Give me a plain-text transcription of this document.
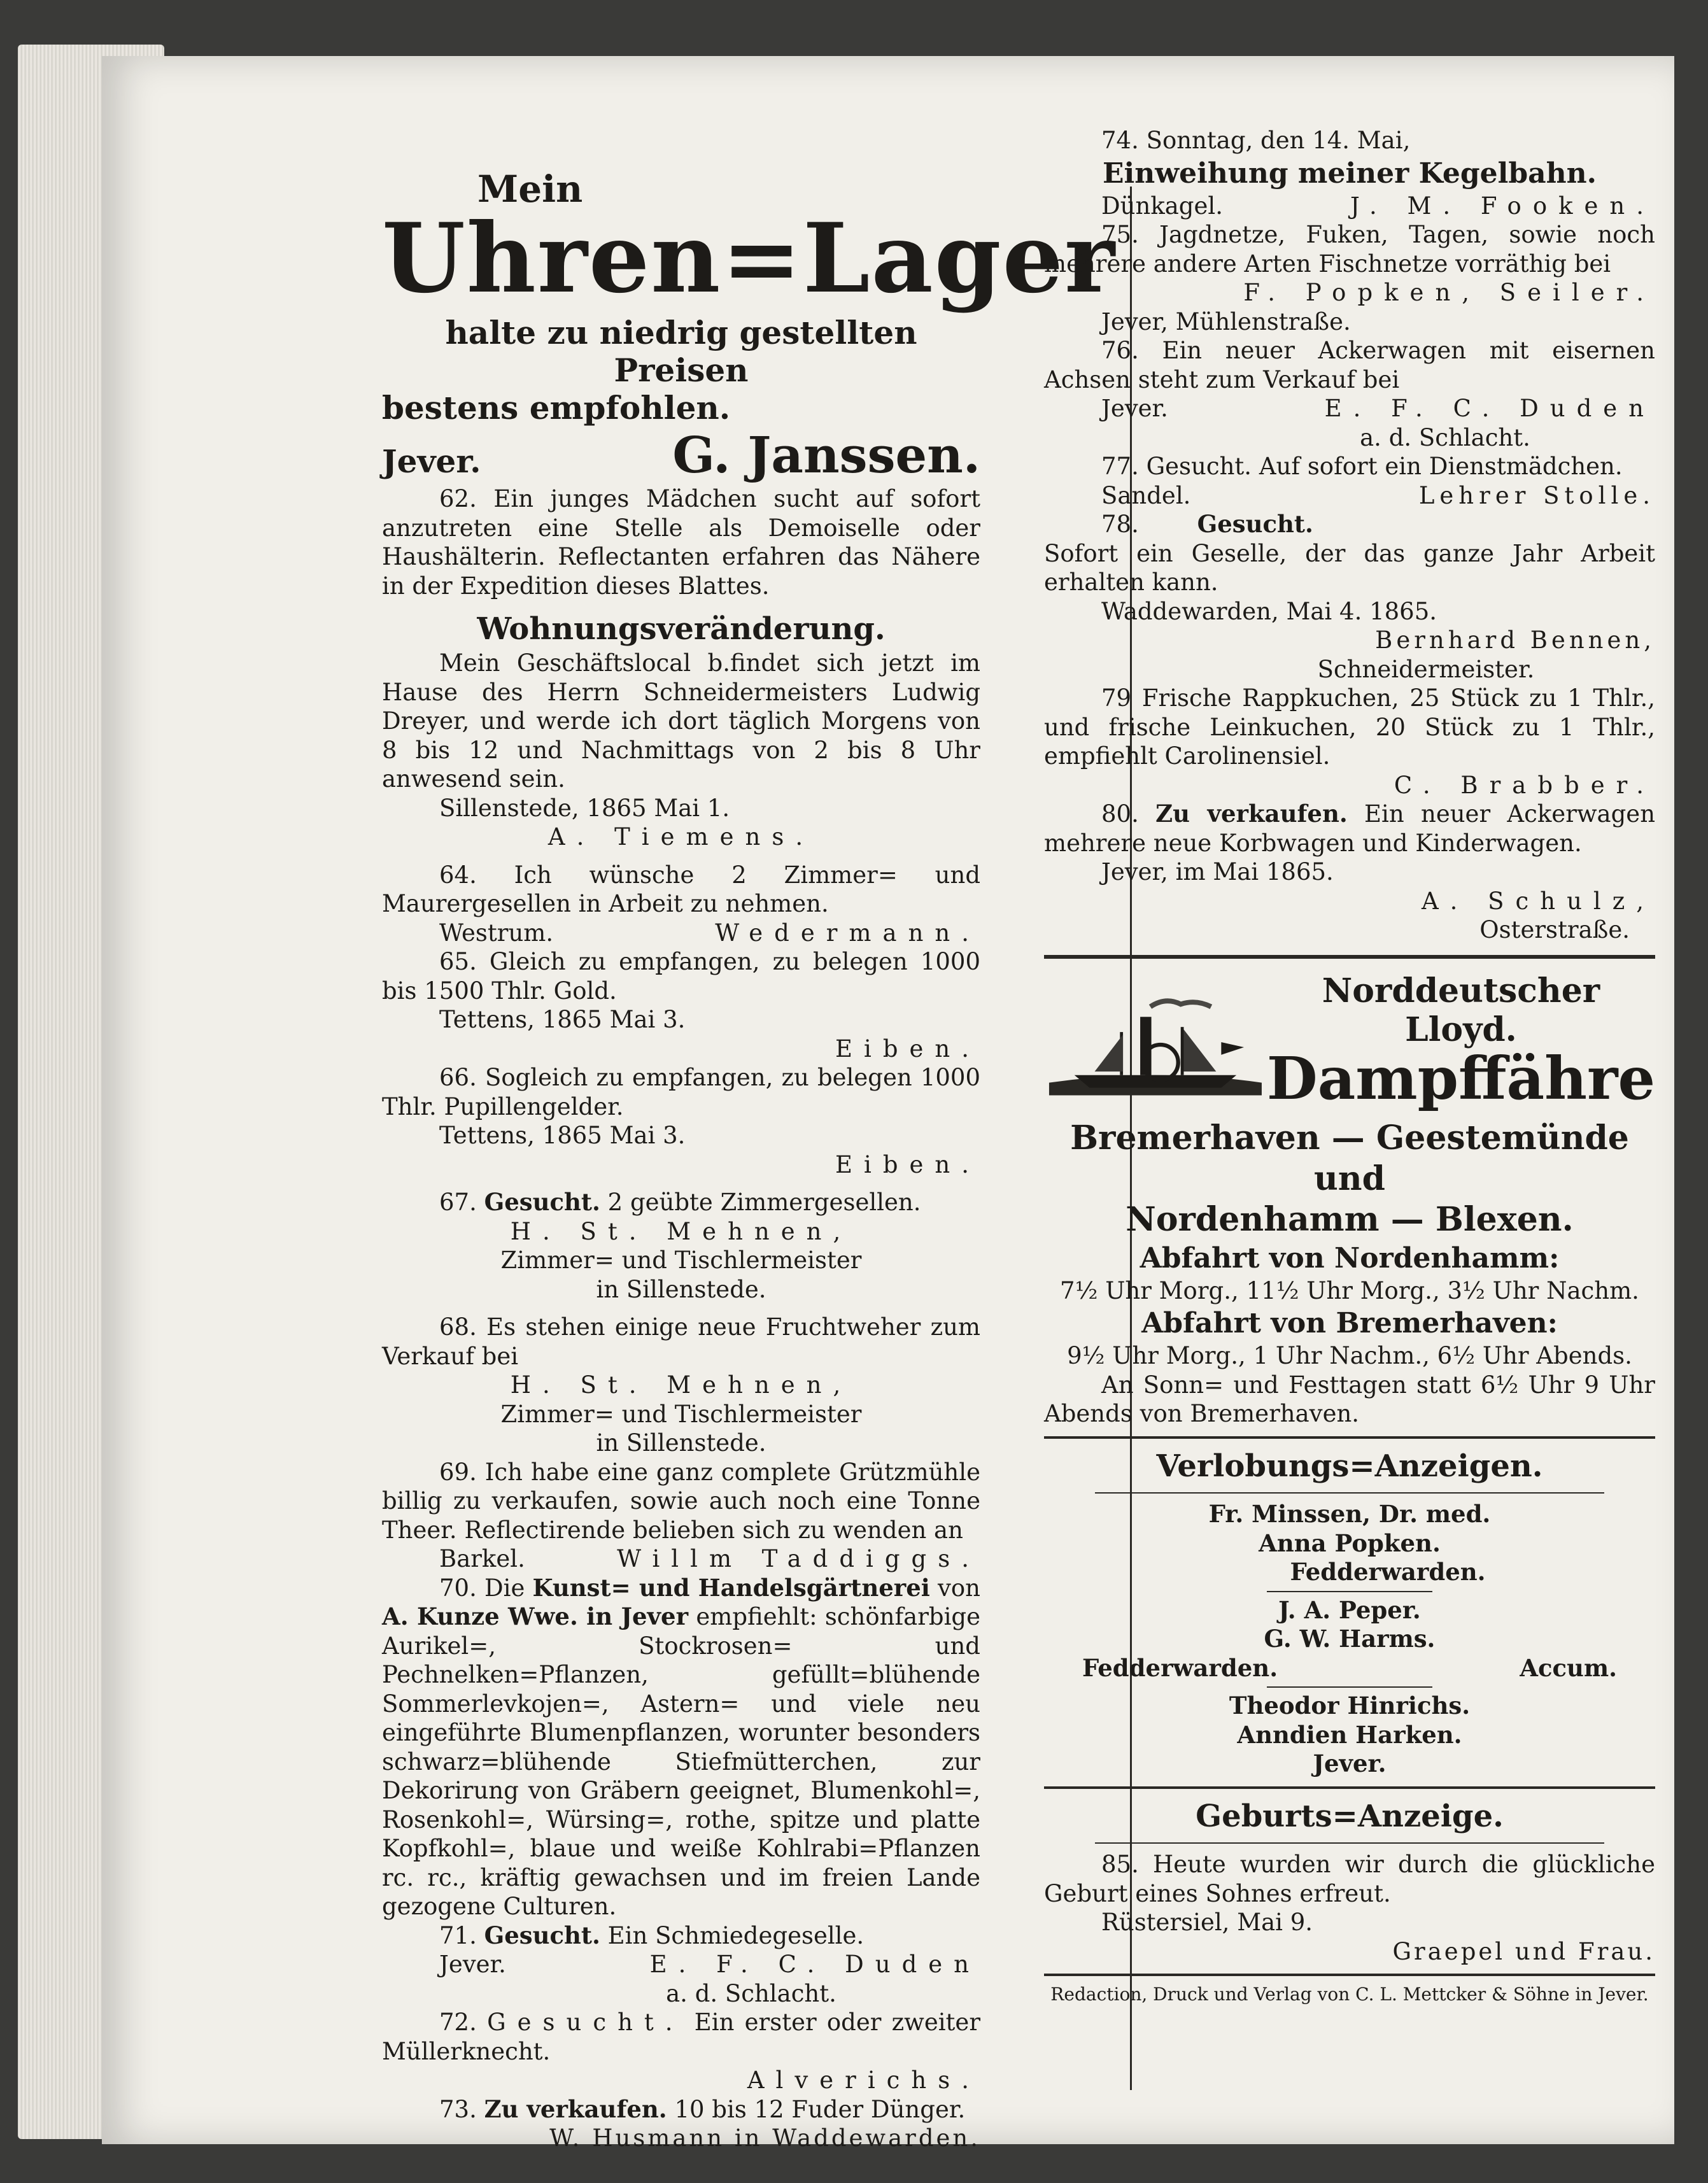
Mein
Uhren=Lager
halte zu niedrig gestellten Preisen
bestens empfohlen.
Jever.	G. Janssen.

62. Ein junges Mädchen sucht auf sofort anzutreten eine Stelle als Demoiselle oder Haushälterin. Reflectanten erfahren das Nähere in der Expedition dieses Blattes.

Wohnungsveränderung.

Mein Geschäftslocal b.findet sich jetzt im Hause des Herrn Schneidermeisters Ludwig Dreyer, und werde ich dort täglich Morgens von 8 bis 12 und Nachmittags von 2 bis 8 Uhr anwesend sein.

Sillenstede, 1865 Mai 1.
A. Tiemens.

64. Ich wünsche 2 Zimmer= und Maurergesellen in Arbeit zu nehmen.

Westrum.	Wedermann.

65. Gleich zu empfangen, zu belegen 1000 bis 1500 Thlr. Gold.

Tettens, 1865 Mai 3.
Eiben.

66. Sogleich zu empfangen, zu belegen 1000 Thlr. Pupillengelder.

Tettens, 1865 Mai 3.
Eiben.
67. Gesucht. 2 geübte Zimmergesellen.
H. St. Mehnen,
Zimmer= und Tischlermeister
in Sillenstede.

68. Es stehen einige neue Fruchtweher zum Verkauf bei

H. St. Mehnen,
Zimmer= und Tischlermeister
in Sillenstede.

69. Ich habe eine ganz complete Grützmühle billig zu verkaufen, sowie auch noch eine Tonne Theer. Reflectirende belieben sich zu wenden an

Barkel.	Willm Taddiggs.

70. Die Kunst= und Handelsgärtnerei von A. Kunze Wwe. in Jever empfiehlt: schönfarbige Aurikel=, Stockrosen= und Pechnelken=Pflanzen, gefüllt=blühende Sommerlevkojen=, Astern= und viele neu eingeführte Blumenpflanzen, worunter besonders schwarz=blühende Stiefmütterchen, zur Dekorirung von Gräbern geeignet, Blumenkohl=, Rosenkohl=, Würsing=, rothe, spitze und platte Kopfkohl=, blaue und weiße Kohlrabi=Pflanzen rc. rc., kräftig gewachsen und im freien Lande gezogene Culturen.

71. Gesucht. Ein Schmiedegeselle.
Jever.	E. F. C. Duden
a. d. Schlacht.
72. Gesucht. Ein erster oder zweiter Müllerknecht.
Alverichs.
73. Zu verkaufen. 10 bis 12 Fuder Dünger.
W. Husmann in Waddewarden.
74. Sonntag, den 14. Mai,
Einweihung meiner Kegelbahn.
Dünkagel.	J. M. Fooken.

75. Jagdnetze, Fuken, Tagen, sowie noch mehrere andere Arten Fischnetze vorräthig bei

F. Popken, Seiler.
Jever, Mühlenstraße.

76. Ein neuer Ackerwagen mit eisernen Achsen steht zum Verkauf bei

Jever.	E. F. C. Duden
a. d. Schlacht.
77. Gesucht. Auf sofort ein Dienstmädchen.
Sandel.	Lehrer Stolle.
78. Gesucht.

Sofort ein Geselle, der das ganze Jahr Arbeit erhalten kann.

Waddewarden, Mai 4. 1865.
Bernhard Bennen,
Schneidermeister.

79 Frische Rappkuchen, 25 Stück zu 1 Thlr., und frische Leinkuchen, 20 Stück zu 1 Thlr., empfiehlt Carolinensiel.

C. Brabber.
80. Zu verkaufen. Ein neuer Ackerwagen mehrere neue Korbwagen und Kinderwagen.
Jever, im Mai 1865.
A. Schulz,
Osterstraße.
Norddeutscher
Lloyd.
Dampffähre
Bremerhaven — Geestemünde und
Nordenhamm — Blexen.
Abfahrt von Nordenhamm:
7½ Uhr Morg., 11½ Uhr Morg., 3½ Uhr Nachm.
Abfahrt von Bremerhaven:
9½ Uhr Morg., 1 Uhr Nachm., 6½ Uhr Abends.

An Sonn= und Festtagen statt 6½ Uhr 9 Uhr Abends von Bremerhaven.

Verlobungs=Anzeigen.
Fr. Minssen, Dr. med.
Anna Popken.
Fedderwarden.
J. A. Peper.
G. W. Harms.
Fedderwarden.	Accum.
Theodor Hinrichs.
Anndien Harken.
Jever.
Geburts=Anzeige.

85. Heute wurden wir durch die glückliche Geburt eines Sohnes erfreut.

Rüstersiel, Mai 9.
Graepel und Frau.
Redaction, Druck und Verlag von C. L. Mettcker & Söhne in Jever.
